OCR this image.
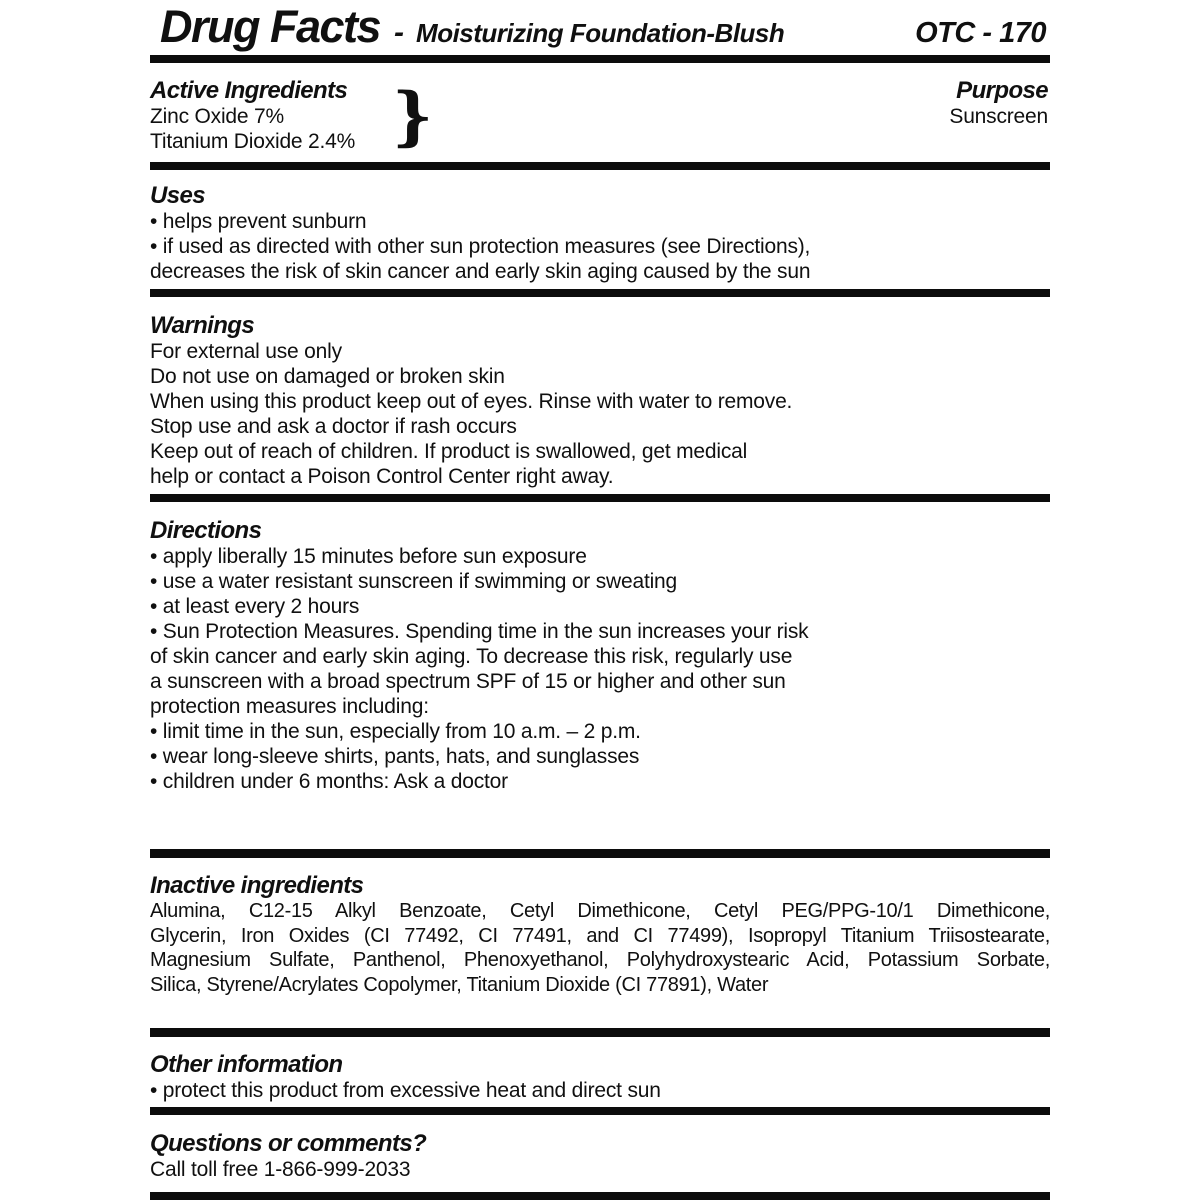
Drug Facts - Moisturizing Foundation-Blush	OTC - 170
Active Ingredients
Zinc Oxide 7%
Titanium Dioxide 2.4% }	Purpose
Sunscreen
Uses
• helps prevent sunburn
• if used as directed with other sun protection measures (see Directions),
decreases the risk of skin cancer and early skin aging caused by the sun
Warnings
For external use only
Do not use on damaged or broken skin
When using this product keep out of eyes. Rinse with water to remove.
Stop use and ask a doctor if rash occurs
Keep out of reach of children. If product is swallowed, get medical
help or contact a Poison Control Center right away.
Directions
• apply liberally 15 minutes before sun exposure
• use a water resistant sunscreen if swimming or sweating
• at least every 2 hours
• Sun Protection Measures. Spending time in the sun increases your risk
of skin cancer and early skin aging. To decrease this risk, regularly use
a sunscreen with a broad spectrum SPF of 15 or higher and other sun
protection measures including:
• limit time in the sun, especially from 10 a.m. – 2 p.m.
• wear long-sleeve shirts, pants, hats, and sunglasses
• children under 6 months: Ask a doctor
Inactive ingredients
Alumina, C12-15 Alkyl Benzoate, Cetyl Dimethicone, Cetyl PEG/PPG-10/1 Dimethicone,
Glycerin, Iron Oxides (CI 77492, CI 77491, and CI 77499), Isopropyl Titanium Triisostearate,
Magnesium Sulfate, Panthenol, Phenoxyethanol, Polyhydroxystearic Acid, Potassium Sorbate,
Silica, Styrene/Acrylates Copolymer, Titanium Dioxide (CI 77891), Water
Other information
• protect this product from excessive heat and direct sun
Questions or comments?
Call toll free 1-866-999-2033
